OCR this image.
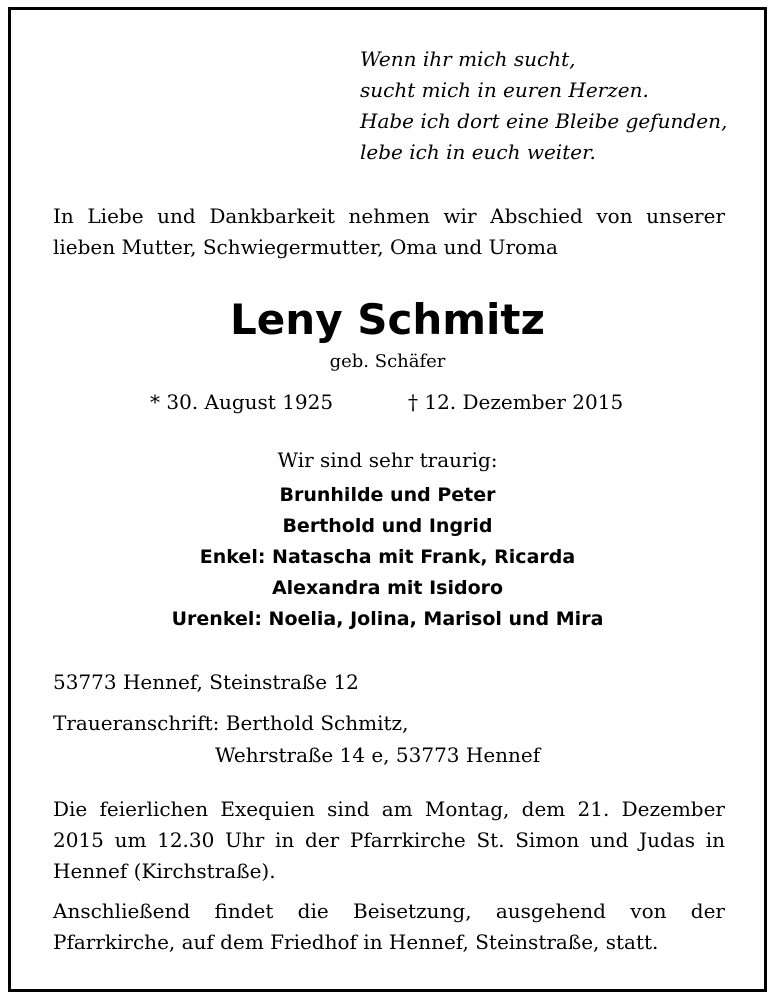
Wenn ihr mich sucht,
sucht mich in euren Herzen.
Habe ich dort eine Bleibe gefunden,
lebe ich in euch weiter.
In Liebe und Dankbarkeit nehmen wir Abschied von unserer lieben Mutter, Schwiegermutter, Oma und Uroma
Leny Schmitz
geb. Schäfer
* 30. August 1925	† 12. Dezember 2015
Wir sind sehr traurig:
Brunhilde und Peter
Berthold und Ingrid
Enkel: Natascha mit Frank, Ricarda
Alexandra mit Isidoro
Urenkel: Noelia, Jolina, Marisol und Mira
53773 Hennef, Steinstraße 12
Traueranschrift: Berthold Schmitz,
Wehrstraße 14 e, 53773 Hennef
Die feierlichen Exequien sind am Montag, dem 21. Dezember 2015 um 12.30 Uhr in der Pfarrkirche St. Simon und Judas in Hennef (Kirchstraße).
Anschließend findet die Beisetzung, ausgehend von der Pfarrkirche, auf dem Friedhof in Hennef, Steinstraße, statt.
